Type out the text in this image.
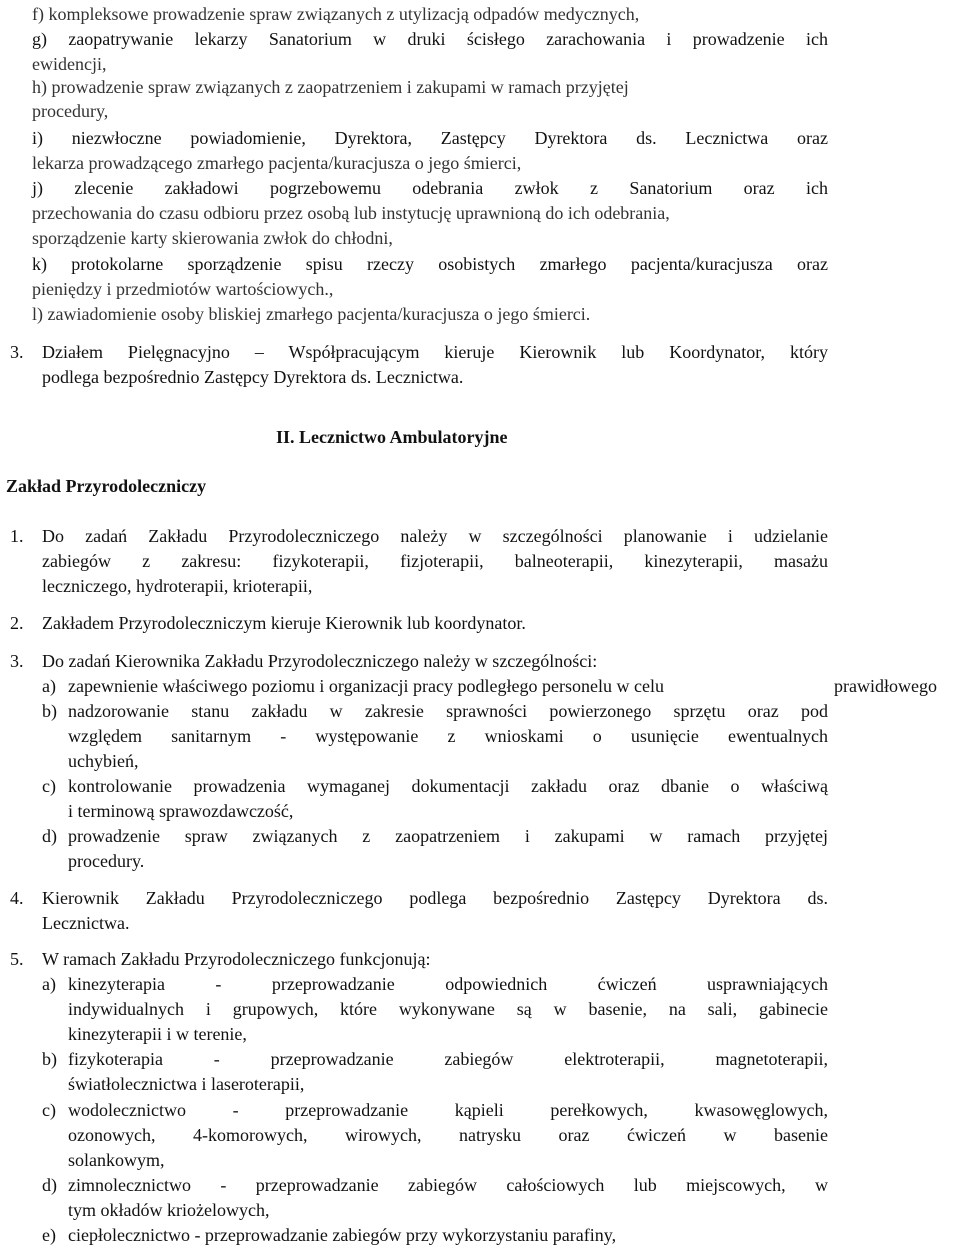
f) kompleksowe prowadzenie spraw związanych z utylizacją odpadów medycznych,
g) zaopatrywanie lekarzy Sanatorium w druki ścisłego zarachowania i prowadzenie ich
ewidencji,
h) prowadzenie spraw związanych z zaopatrzeniem i zakupami w ramach przyjętej
procedury,
i) niezwłoczne powiadomienie, Dyrektora, Zastępcy Dyrektora ds. Lecznictwa oraz
lekarza prowadzącego zmarłego pacjenta/kuracjusza o jego śmierci,
j) zlecenie zakładowi pogrzebowemu odebrania zwłok z Sanatorium oraz ich
przechowania do czasu odbioru przez osobą lub instytucję uprawnioną do ich odebrania,
sporządzenie karty skierowania zwłok do chłodni,
k) protokolarne sporządzenie spisu rzeczy osobistych zmarłego pacjenta/kuracjusza oraz
pieniędzy i przedmiotów wartościowych.,
l) zawiadomienie osoby bliskiej zmarłego pacjenta/kuracjusza o jego śmierci.
3. Działem Pielęgnacyjno – Współpracującym kieruje Kierownik lub Koordynator, który
podlega bezpośrednio Zastępcy Dyrektora ds. Lecznictwa.
II. Lecznictwo Ambulatoryjne
Zakład Przyrodoleczniczy
1. Do zadań Zakładu Przyrodoleczniczego należy w szczególności planowanie i udzielanie
zabiegów z zakresu: fizykoterapii, fizjoterapii, balneoterapii, kinezyterapii, masażu
leczniczego, hydroterapii, krioterapii,
2. Zakładem Przyrodoleczniczym kieruje Kierownik lub koordynator.
3. Do zadań Kierownika Zakładu Przyrodoleczniczego należy w szczególności:
a) zapewnienie właściwego poziomu i organizacji pracy podległego personelu w celu	prawidłowego
b) nadzorowanie stanu zakładu w zakresie sprawności powierzonego sprzętu oraz pod
względem sanitarnym - występowanie z wnioskami o usunięcie ewentualnych
uchybień,
c) kontrolowanie prowadzenia wymaganej dokumentacji zakładu oraz dbanie o właściwą
i terminową sprawozdawczość,
d) prowadzenie spraw związanych z zaopatrzeniem i zakupami w ramach przyjętej
procedury.
4. Kierownik Zakładu Przyrodoleczniczego podlega bezpośrednio Zastępcy Dyrektora ds.
Lecznictwa.
5. W ramach Zakładu Przyrodoleczniczego funkcjonują:
a) kinezyterapia - przeprowadzanie odpowiednich ćwiczeń usprawniających
indywidualnych i grupowych, które wykonywane są w basenie, na sali, gabinecie
kinezyterapii i w terenie,
b) fizykoterapia - przeprowadzanie zabiegów elektroterapii, magnetoterapii,
światłolecznictwa i laseroterapii,
c) wodolecznictwo - przeprowadzanie kąpieli perełkowych, kwasowęglowych,
ozonowych, 4-komorowych, wirowych, natrysku oraz ćwiczeń w basenie
solankowym,
d) zimnolecznictwo - przeprowadzanie zabiegów całościowych lub miejscowych, w
tym okładów kriożelowych,
e) ciepłolecznictwo - przeprowadzanie zabiegów przy wykorzystaniu parafiny,
